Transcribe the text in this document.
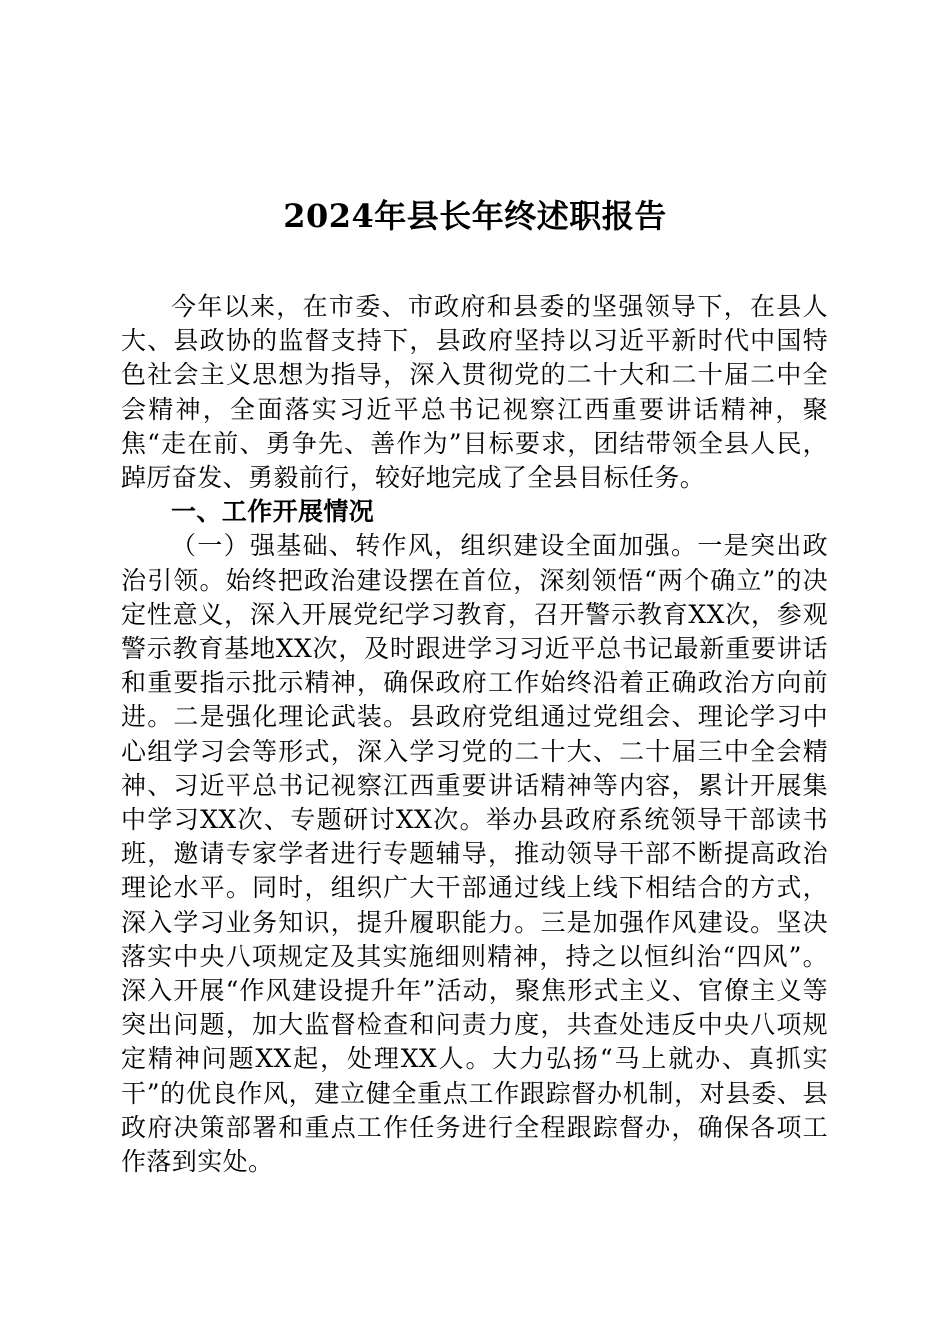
2024年县长年终述职报告

今年以来，在市委、市政府和县委的坚强领导下，在县人大、县政协的监督支持下，县政府坚持以习近平新时代中国特色社会主义思想为指导，深入贯彻党的二十大和二十届二中全会精神，全面落实习近平总书记视察江西重要讲话精神，聚焦“走在前、勇争先、善作为”目标要求，团结带领全县人民，踔厉奋发、勇毅前行，较好地完成了全县目标任务。

一、工作开展情况

（一）强基础、转作风，组织建设全面加强。一是突出政治引领。始终把政治建设摆在首位，深刻领悟“两个确立”的决定性意义，深入开展党纪学习教育，召开警示教育XX次，参观警示教育基地XX次，及时跟进学习习近平总书记最新重要讲话和重要指示批示精神，确保政府工作始终沿着正确政治方向前进。二是强化理论武装。县政府党组通过党组会、理论学习中心组学习会等形式，深入学习党的二十大、二十届三中全会精神、习近平总书记视察江西重要讲话精神等内容，累计开展集中学习XX次、专题研讨XX次。举办县政府系统领导干部读书班，邀请专家学者进行专题辅导，推动领导干部不断提高政治理论水平。同时，组织广大干部通过线上线下相结合的方式，深入学习业务知识，提升履职能力。三是加强作风建设。坚决落实中央八项规定及其实施细则精神，持之以恒纠治“四风”。深入开展“作风建设提升年”活动，聚焦形式主义、官僚主义等突出问题，加大监督检查和问责力度，共查处违反中央八项规定精神问题XX起，处理XX人。大力弘扬“马上就办、真抓实干”的优良作风，建立健全重点工作跟踪督办机制，对县委、县政府决策部署和重点工作任务进行全程跟踪督办，确保各项工作落到实处。
